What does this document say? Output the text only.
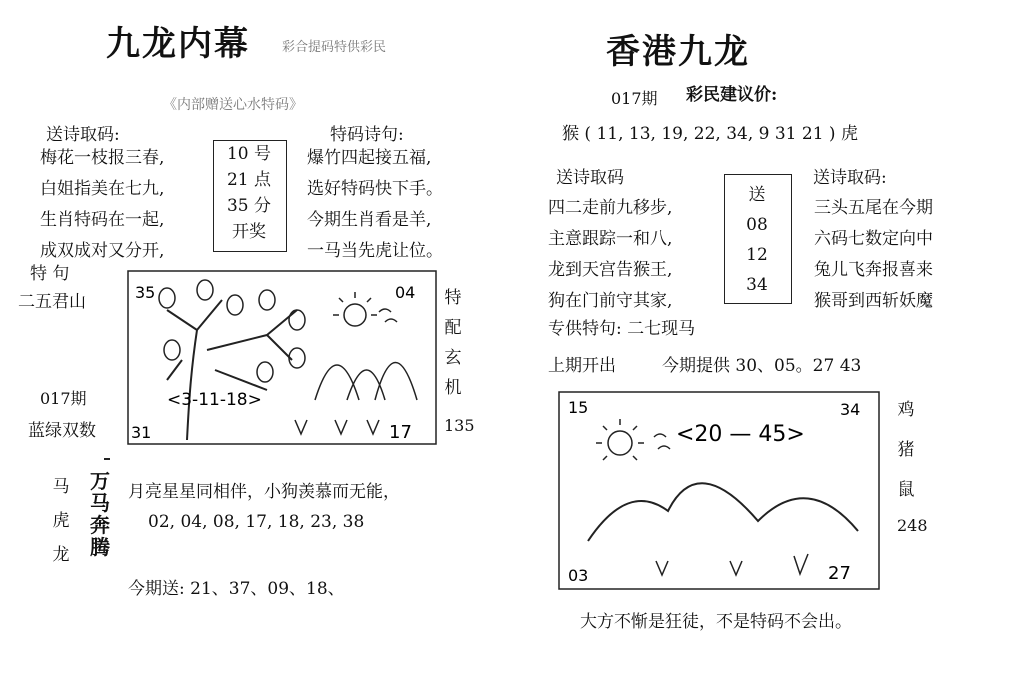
九龙内幕 彩合提码特供彩民
《内部赠送心水特码》
送诗取码:	特码诗句:
梅花一枝报三春,
白姐指美在七九,
生肖特码在一起,
成双成对又分开,
10 号
21 点
35 分
开奖
爆竹四起接五福,
选好特码快下手。
今期生肖看是羊,
一马当先虎让位。
特 句
二五君山
017期
蓝绿双数
35	04
<3-11-18>
31	17
特
配
玄
机
135
马
虎
龙
万
马
奔
腾
月亮星星同相伴，小狗羡慕而无能，
02, 04, 08, 17, 18, 23, 38
今期送: 21、37、09、18、
香港九龙
017期 彩民建议价:
猴 ( 11, 13, 19, 22, 34, 9 31 21 ) 虎
送诗取码	送诗取码:
四二走前九移步,
主意跟踪一和八,
龙到天宫告猴王,
狗在门前守其家,
送
08
12
34
三头五尾在今期
六码七数定向中
兔儿飞奔报喜来
猴哥到西斩妖魔
专供特句: 二七现马
上期开出	今期提供 30、05。27 43
15	34
<20 — 45>
03	27
鸡
猪
鼠
248
大方不惭是狂徒，不是特码不会出。
